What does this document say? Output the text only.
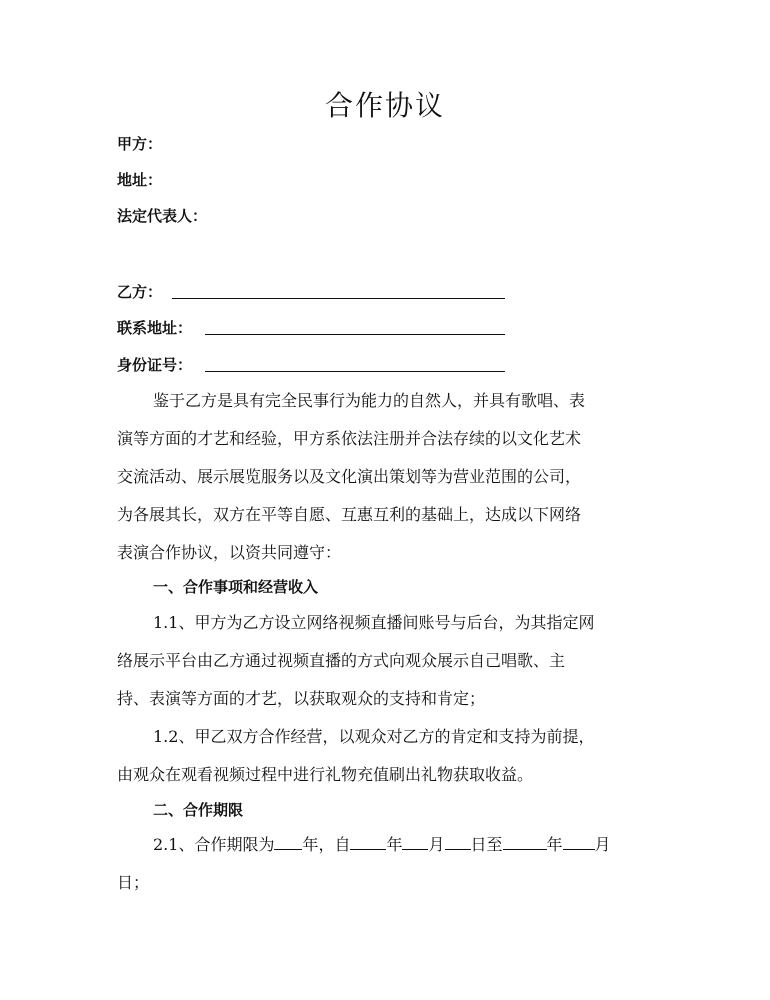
合作协议
甲方：
地址：
法定代表人：
乙方：
联系地址：
身份证号：
鉴于乙方是具有完全民事行为能力的自然人，并具有歌唱、表
演等方面的才艺和经验，甲方系依法注册并合法存续的以文化艺术
交流活动、展示展览服务以及文化演出策划等为营业范围的公司，
为各展其长，双方在平等自愿、互惠互利的基础上，达成以下网络
表演合作协议，以资共同遵守：
一、合作事项和经营收入
1.1、甲方为乙方设立网络视频直播间账号与后台，为其指定网
络展示平台由乙方通过视频直播的方式向观众展示自己唱歌、主
持、表演等方面的才艺，以获取观众的支持和肯定；
1.2、甲乙双方合作经营，以观众对乙方的肯定和支持为前提，
由观众在观看视频过程中进行礼物充值刷出礼物获取收益。
二、合作期限
2.1、合作期限为 年，自 年 月 日至	年 月
日；
